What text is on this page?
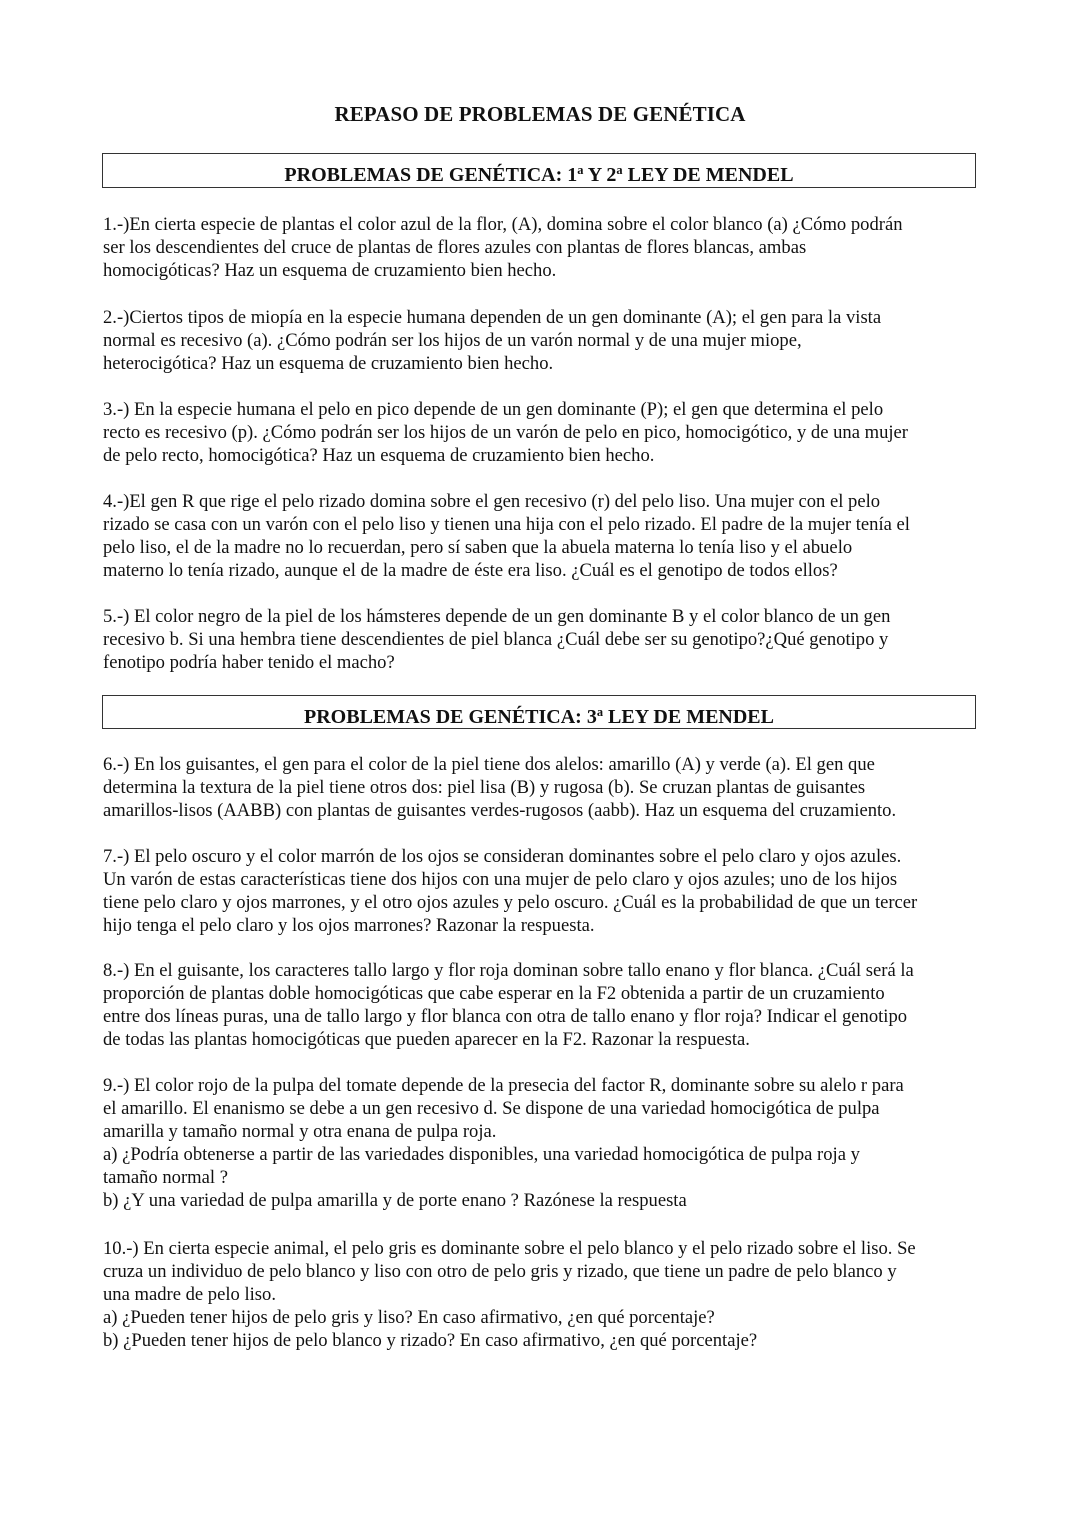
REPASO DE PROBLEMAS DE GENÉTICA
PROBLEMAS DE GENÉTICA: 1$^a$ Y 2$^a$ LEY DE MENDEL

1.-)En cierta especie de plantas el color azul de la flor, (A), domina sobre el color blanco (a) ¿Cómo podrán

ser los descendientes del cruce de plantas de flores azules con plantas de flores blancas, ambas

homocigóticas? Haz un esquema de cruzamiento bien hecho.

2.-)Ciertos tipos de miopía en la especie humana dependen de un gen dominante (A); el gen para la vista

normal es recesivo (a). ¿Cómo podrán ser los hijos de un varón normal y de una mujer miope,

heterocigótica? Haz un esquema de cruzamiento bien hecho.

3.-) En la especie humana el pelo en pico depende de un gen dominante (P); el gen que determina el pelo

recto es recesivo (p). ¿Cómo podrán ser los hijos de un varón de pelo en pico, homocigótico, y de una mujer

de pelo recto, homocigótica? Haz un esquema de cruzamiento bien hecho.

4.-)El gen R que rige el pelo rizado domina sobre el gen recesivo (r) del pelo liso. Una mujer con el pelo

rizado se casa con un varón con el pelo liso y tienen una hija con el pelo rizado. El padre de la mujer tenía el

pelo liso, el de la madre no lo recuerdan, pero sí saben que la abuela materna lo tenía liso y el abuelo

materno lo tenía rizado, aunque el de la madre de éste era liso. ¿Cuál es el genotipo de todos ellos?

5.-) El color negro de la piel de los hámsteres depende de un gen dominante B y el color blanco de un gen

recesivo b. Si una hembra tiene descendientes de piel blanca ¿Cuál debe ser su genotipo?¿Qué genotipo y

fenotipo podría haber tenido el macho?

PROBLEMAS DE GENÉTICA: 3$^a$ LEY DE MENDEL

6.-) En los guisantes, el gen para el color de la piel tiene dos alelos: amarillo (A) y verde (a). El gen que

determina la textura de la piel tiene otros dos: piel lisa (B) y rugosa (b). Se cruzan plantas de guisantes

amarillos-lisos (AABB) con plantas de guisantes verdes-rugosos (aabb). Haz un esquema del cruzamiento.

7.-) El pelo oscuro y el color marrón de los ojos se consideran dominantes sobre el pelo claro y ojos azules.

Un varón de estas características tiene dos hijos con una mujer de pelo claro y ojos azules; uno de los hijos

tiene pelo claro y ojos marrones, y el otro ojos azules y pelo oscuro. ¿Cuál es la probabilidad de que un tercer

hijo tenga el pelo claro y los ojos marrones? Razonar la respuesta.

8.-) En el guisante, los caracteres tallo largo y flor roja dominan sobre tallo enano y flor blanca. ¿Cuál será la

proporción de plantas doble homocigóticas que cabe esperar en la F2 obtenida a partir de un cruzamiento

entre dos líneas puras, una de tallo largo y flor blanca con otra de tallo enano y flor roja? Indicar el genotipo

de todas las plantas homocigóticas que pueden aparecer en la F2. Razonar la respuesta.

9.-) El color rojo de la pulpa del tomate depende de la presecia del factor R, dominante sobre su alelo r para

el amarillo. El enanismo se debe a un gen recesivo d. Se dispone de una variedad homocigótica de pulpa

amarilla y tamaño normal y otra enana de pulpa roja.

a) ¿Podría obtenerse a partir de las variedades disponibles, una variedad homocigótica de pulpa roja y

tamaño normal ?

b) ¿Y una variedad de pulpa amarilla y de porte enano ? Razónese la respuesta

10.-) En cierta especie animal, el pelo gris es dominante sobre el pelo blanco y el pelo rizado sobre el liso. Se

cruza un individuo de pelo blanco y liso con otro de pelo gris y rizado, que tiene un padre de pelo blanco y

una madre de pelo liso.

a) ¿Pueden tener hijos de pelo gris y liso? En caso afirmativo, ¿en qué porcentaje?

b) ¿Pueden tener hijos de pelo blanco y rizado? En caso afirmativo, ¿en qué porcentaje?
